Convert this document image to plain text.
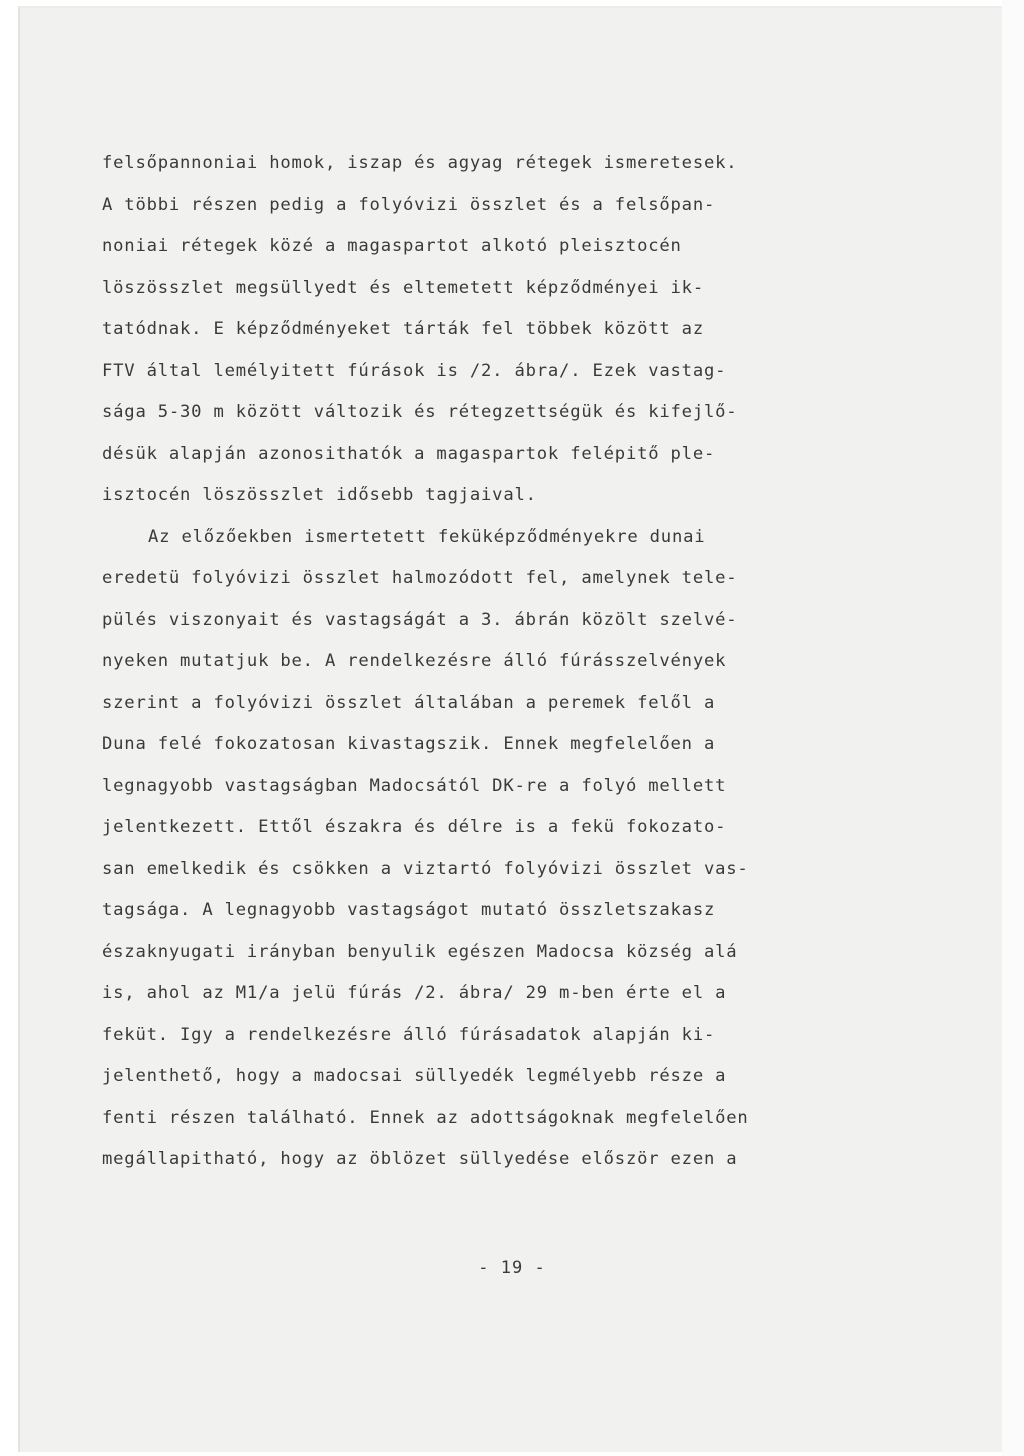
felsőpannoniai homok, iszap és agyag rétegek ismeretesek.
A többi részen pedig a folyóvizi összlet és a felsőpan-
noniai rétegek közé a magaspartot alkotó pleisztocén
löszösszlet megsüllyedt és eltemetett képződményei ik-
tatódnak. E képződményeket tárták fel többek között az
FTV által lemélyitett fúrások is /2. ábra/. Ezek vastag-
sága 5-30 m között változik és rétegzettségük és kifejlő-
désük alapján azonosithatók a magaspartok felépitő ple-
isztocén löszösszlet idősebb tagjaival.
Az előzőekben ismertetett feküképződményekre dunai
eredetü folyóvizi összlet halmozódott fel, amelynek tele-
pülés viszonyait és vastagságát a 3. ábrán közölt szelvé-
nyeken mutatjuk be. A rendelkezésre álló fúrásszelvények
szerint a folyóvizi összlet általában a peremek felől a
Duna felé fokozatosan kivastagszik. Ennek megfelelően a
legnagyobb vastagságban Madocsától DK-re a folyó mellett
jelentkezett. Ettől északra és délre is a fekü fokozato-
san emelkedik és csökken a viztartó folyóvizi összlet vas-
tagsága. A legnagyobb vastagságot mutató összletszakasz
északnyugati irányban benyulik egészen Madocsa község alá
is, ahol az M1/a jelü fúrás /2. ábra/ 29 m-ben érte el a
feküt. Igy a rendelkezésre álló fúrásadatok alapján ki-
jelenthető, hogy a madocsai süllyedék legmélyebb része a
fenti részen található. Ennek az adottságoknak megfelelően
megállapitható, hogy az öblözet süllyedése először ezen a
- 19 -
